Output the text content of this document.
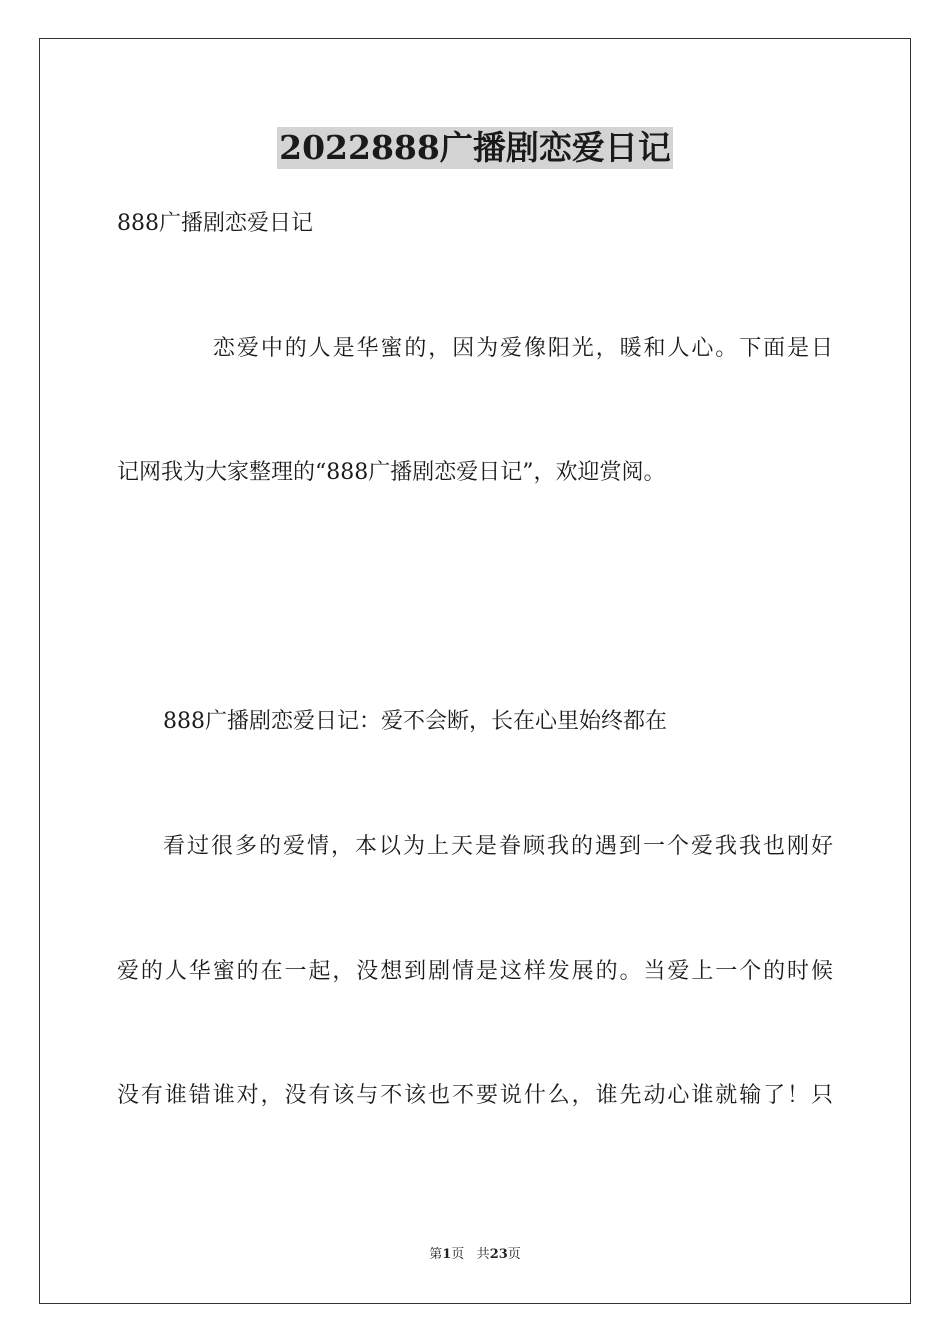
2022888广播剧恋爱日记
888广播剧恋爱日记
恋爱中的人是华蜜的，因为爱像阳光，暖和人心。下面是日
记网我为大家整理的“888广播剧恋爱日记”，欢迎赏阅。
888广播剧恋爱日记：爱不会断，长在心里始终都在
看过很多的爱情，本以为上天是眷顾我的遇到一个爱我我也刚好
爱的人华蜜的在一起，没想到剧情是这样发展的。当爱上一个的时候
没有谁错谁对，没有该与不该也不要说什么，谁先动心谁就输了！只
第1页 共23页
